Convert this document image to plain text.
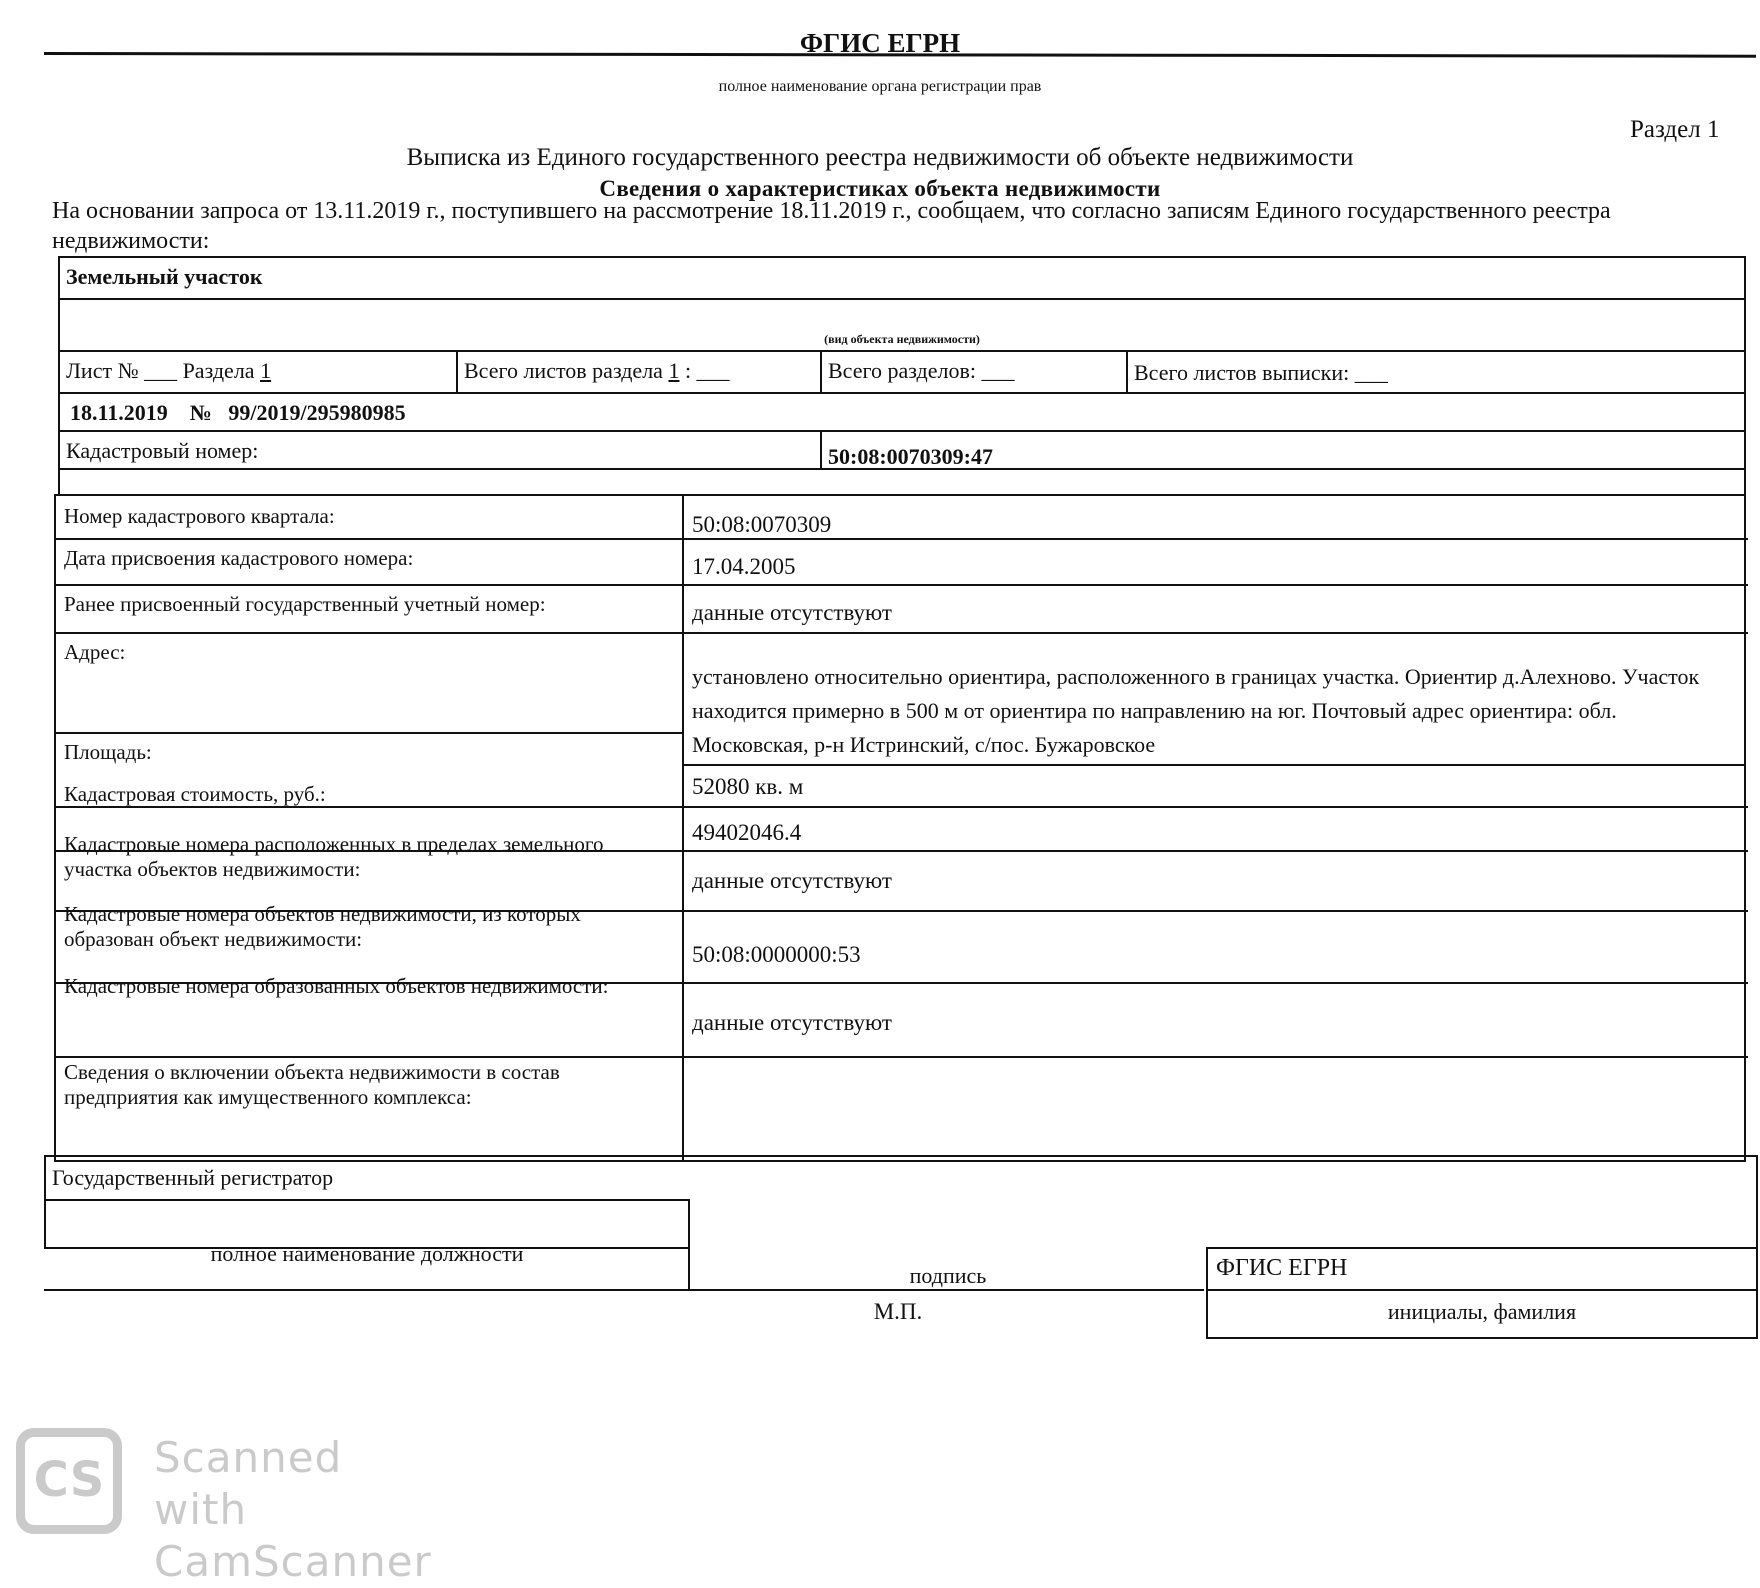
ФГИС ЕГРН
полное наименование органа регистрации прав
Раздел 1
Выписка из Единого государственного реестра недвижимости об объекте недвижимости
Сведения о характеристиках объекта недвижимости
На основании запроса от 13.11.2019 г., поступившего на рассмотрение 18.11.2019 г., сообщаем, что согласно записям Единого государственного реестра недвижимости:
Земельный участок
(вид объекта недвижимости)
Лист № ___ Раздела 1	Всего листов раздела 1 : ___	Всего разделов: ___	Всего листов выписки: ___
18.11.2019 № 99/2019/295980985
Кадастровый номер:	50:08:0070309:47
Номер кадастрового квартала:	50:08:0070309
Дата присвоения кадастрового номера:	17.04.2005
Ранее присвоенный государственный учетный номер:	данные отсутствуют
Адрес:
установлено относительно ориентира, расположенного в границах участка. Ориентир д.Алехново. Участок находится примерно в 500 м от ориентира по направлению на юг. Почтовый адрес ориентира: обл. Московская, р-н Истринский, с/пос. Бужаровское
Площадь:
52080 кв. м
Кадастровая стоимость, руб.:
49402046.4
Кадастровые номера расположенных в пределах земельного участка объектов недвижимости:	данные отсутствуют
Кадастровые номера объектов недвижимости, из которых образован объект недвижимости:
50:08:0000000:53
Кадастровые номера образованных объектов недвижимости:
данные отсутствуют
Сведения о включении объекта недвижимости в состав предприятия как имущественного комплекса:
Государственный регистратор
полное наименование должности
подпись	ФГИС ЕГРН
инициалы, фамилия
М.П.
CS	Scanned with
CamScanner
